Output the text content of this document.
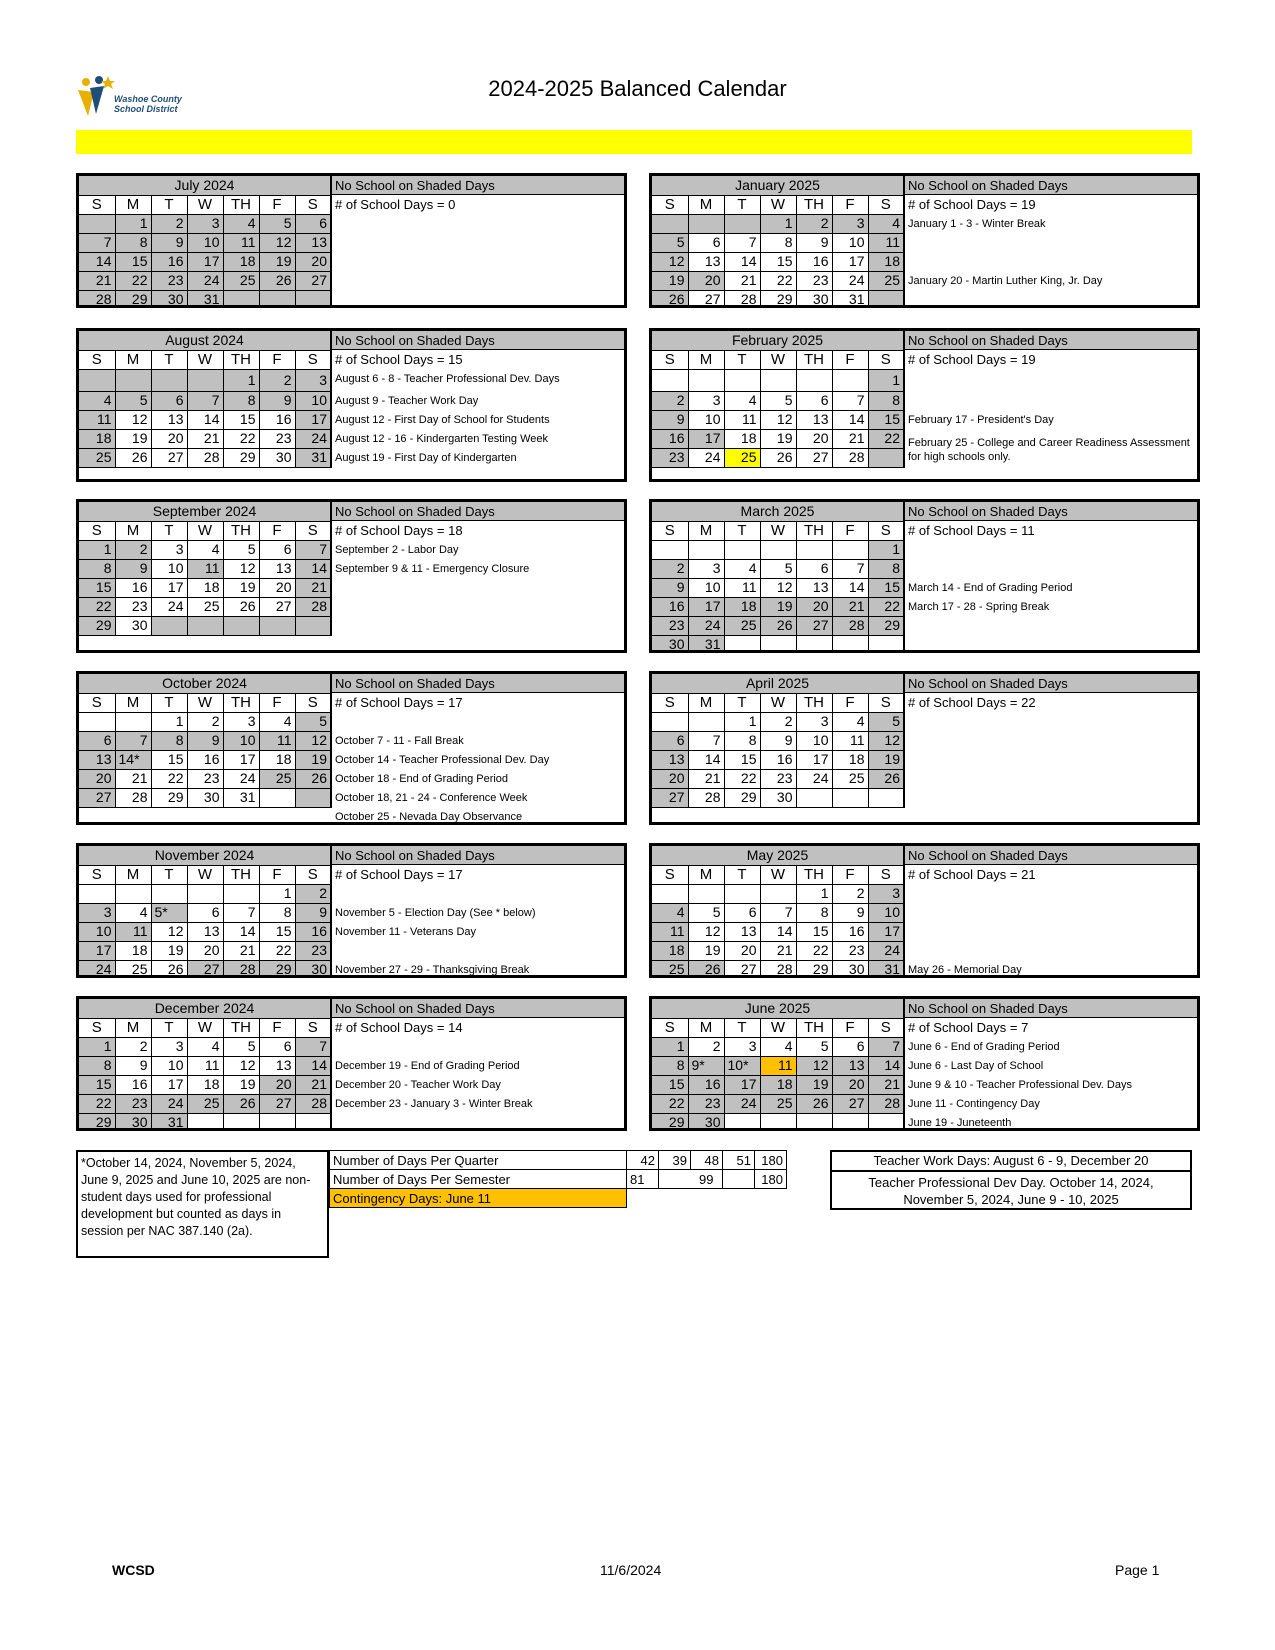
Washoe County School District
2024-2025 Balanced Calendar
July 2024						
S	M	T	W	TH	F	S
	1	2	3	4	5	6
7	8	9	10	11	12	13
14	15	16	17	18	19	20
21	22	23	24	25	26	27
28	29	30	31			
No School on Shaded Days
# of School Days = 0
January 2025						
S	M	T	W	TH	F	S
			1	2	3	4
5	6	7	8	9	10	11
12	13	14	15	16	17	18
19	20	21	22	23	24	25
26	27	28	29	30	31	
No School on Shaded Days
# of School Days = 19
January 1 - 3 - Winter Break
January 20 - Martin Luther King, Jr. Day
August 2024						
S	M	T	W	TH	F	S
				1	2	3
4	5	6	7	8	9	10
11	12	13	14	15	16	17
18	19	20	21	22	23	24
25	26	27	28	29	30	31
No School on Shaded Days
# of School Days = 15
August 6 - 8 - Teacher Professional Dev. Days
August 9 - Teacher Work Day
August 12 - First Day of School for Students
August 12 - 16 - Kindergarten Testing Week
August 19 - First Day of Kindergarten
February 2025						
S	M	T	W	TH	F	S
						1
2	3	4	5	6	7	8
9	10	11	12	13	14	15
16	17	18	19	20	21	22
23	24	25	26	27	28	
No School on Shaded Days
# of School Days = 19
February 17 - President's Day
February 25 - College and Career Readiness Assessment for high schools only.
September 2024						
S	M	T	W	TH	F	S
1	2	3	4	5	6	7
8	9	10	11	12	13	14
15	16	17	18	19	20	21
22	23	24	25	26	27	28
29	30					
No School on Shaded Days
# of School Days = 18
September 2 - Labor Day
September 9 & 11 - Emergency Closure
March 2025						
S	M	T	W	TH	F	S
						1
2	3	4	5	6	7	8
9	10	11	12	13	14	15
16	17	18	19	20	21	22
23	24	25	26	27	28	29
30	31					
No School on Shaded Days
# of School Days = 11
March 14 - End of Grading Period
March 17 - 28 - Spring Break
October 2024						
S	M	T	W	TH	F	S
		1	2	3	4	5
6	7	8	9	10	11	12
13	14*	15	16	17	18	19
20	21	22	23	24	25	26
27	28	29	30	31		
No School on Shaded Days
# of School Days = 17
October 7 - 11 - Fall Break
October 14 - Teacher Professional Dev. Day
October 18 - End of Grading Period
October 18, 21 - 24 - Conference Week
October 25 - Nevada Day Observance
April 2025						
S	M	T	W	TH	F	S
		1	2	3	4	5
6	7	8	9	10	11	12
13	14	15	16	17	18	19
20	21	22	23	24	25	26
27	28	29	30			
No School on Shaded Days
# of School Days = 22
November 2024						
S	M	T	W	TH	F	S
					1	2
3	4	5*	6	7	8	9
10	11	12	13	14	15	16
17	18	19	20	21	22	23
24	25	26	27	28	29	30
No School on Shaded Days
# of School Days = 17
November 5 - Election Day (See * below)
November 11 - Veterans Day
November 27 - 29 - Thanksgiving Break
May 2025						
S	M	T	W	TH	F	S
				1	2	3
4	5	6	7	8	9	10
11	12	13	14	15	16	17
18	19	20	21	22	23	24
25	26	27	28	29	30	31
No School on Shaded Days
# of School Days = 21
May 26 - Memorial Day
December 2024						
S	M	T	W	TH	F	S
1	2	3	4	5	6	7
8	9	10	11	12	13	14
15	16	17	18	19	20	21
22	23	24	25	26	27	28
29	30	31				
No School on Shaded Days
# of School Days = 14
December 19 - End of Grading Period
December 20 - Teacher Work Day
December 23 - January 3 - Winter Break
June 2025						
S	M	T	W	TH	F	S
1	2	3	4	5	6	7
8	9*	10*	11	12	13	14
15	16	17	18	19	20	21
22	23	24	25	26	27	28
29	30					
No School on Shaded Days
# of School Days = 7
June 6 - End of Grading Period
June 6 - Last Day of School
June 9 & 10 - Teacher Professional Dev. Days
June 11 - Contingency Day
June 19 - Juneteenth
*October 14, 2024, November 5, 2024, June 9, 2025 and June 10, 2025 are non-student days used for professional development but counted as days in session per NAC 387.140 (2a).
Number of Days Per Quarter	42	39	48	51	180
Number of Days Per Semester	81		99		180
Contingency Days: June 11					
Teacher Work Days: August 6 - 9, December 20
Teacher Professional Dev Day. October 14, 2024, November 5, 2024, June 9 - 10, 2025
WCSD	11/6/2024	Page 1
